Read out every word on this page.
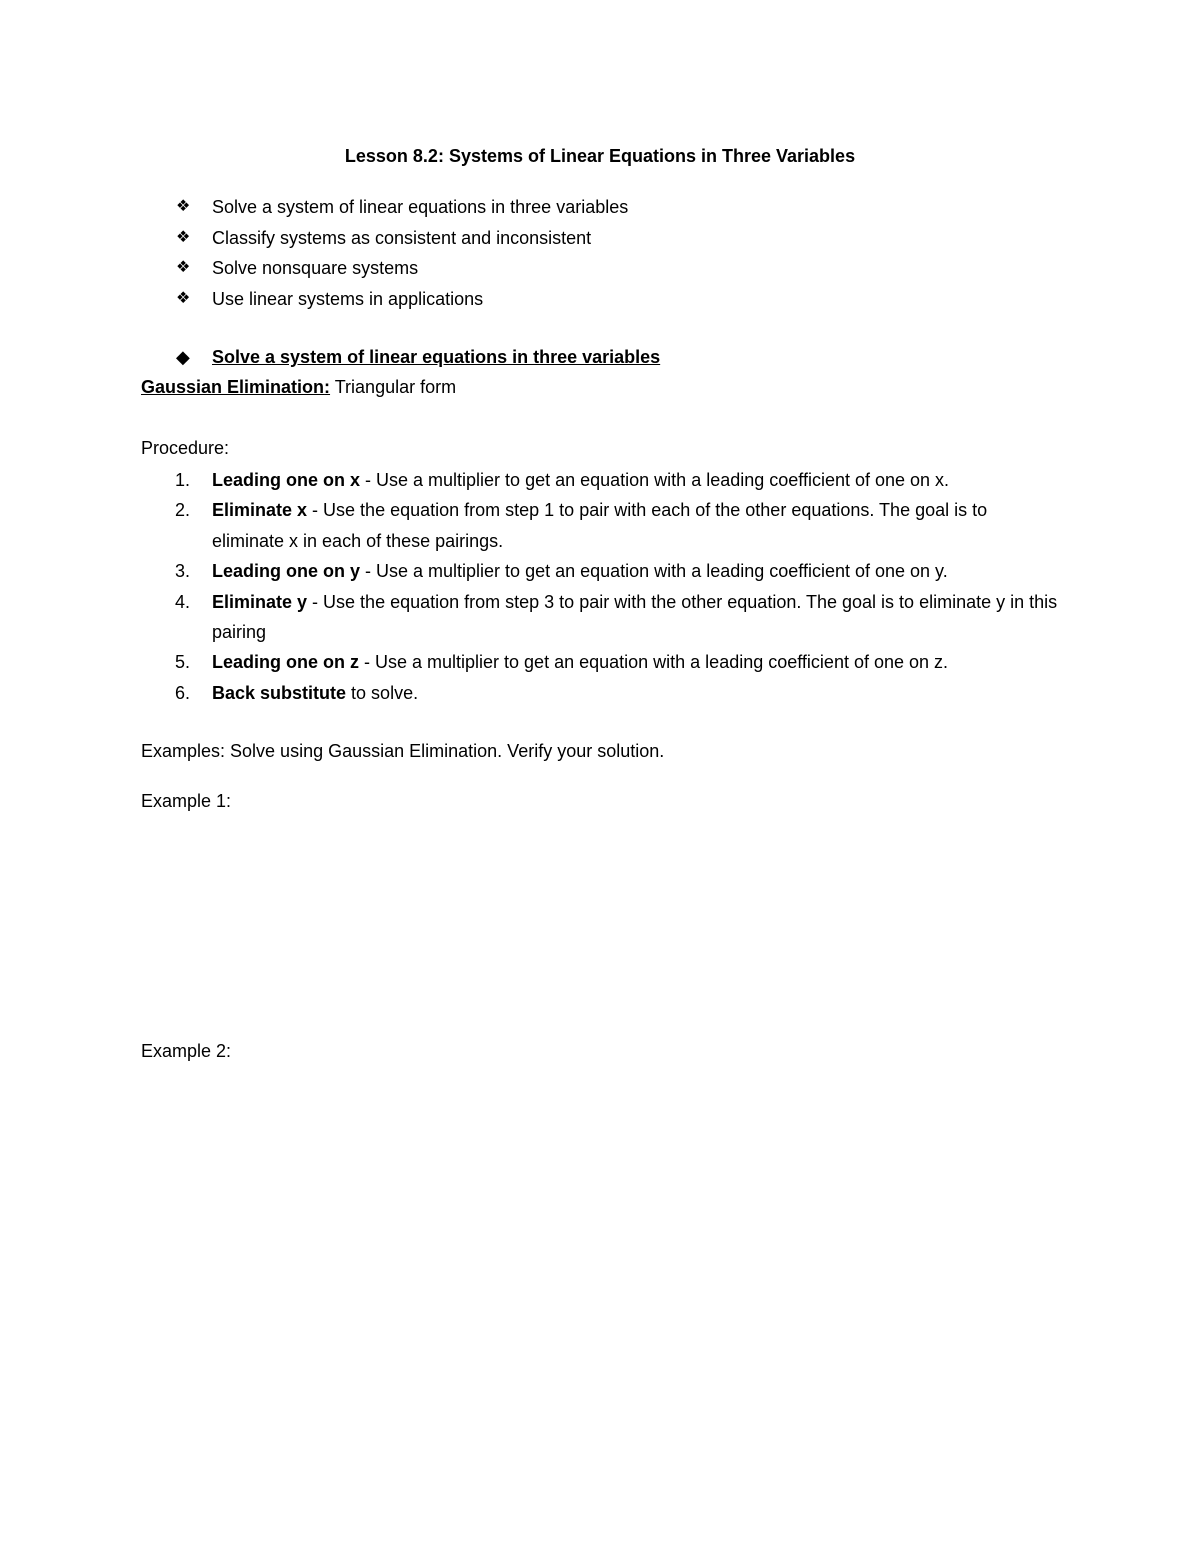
Lesson 8.2: Systems of Linear Equations in Three Variables
❖	Solve a system of linear equations in three variables
❖	Classify systems as consistent and inconsistent
❖	Solve nonsquare systems
❖	Use linear systems in applications
◆	Solve a system of linear equations in three variables
Gaussian Elimination: Triangular form
Procedure:
1.	Leading one on x - Use a multiplier to get an equation with a leading coefficient of one on x.
2.	Eliminate x - Use the equation from step 1 to pair with each of the other equations. The goal is to eliminate x in each of these pairings.
3.	Leading one on y - Use a multiplier to get an equation with a leading coefficient of one on y.
4.	Eliminate y - Use the equation from step 3 to pair with the other equation. The goal is to eliminate y in this pairing
5.	Leading one on z - Use a multiplier to get an equation with a leading coefficient of one on z.
6.	Back substitute to solve.
Examples: Solve using Gaussian Elimination. Verify your solution.
Example 1:
Example 2:
